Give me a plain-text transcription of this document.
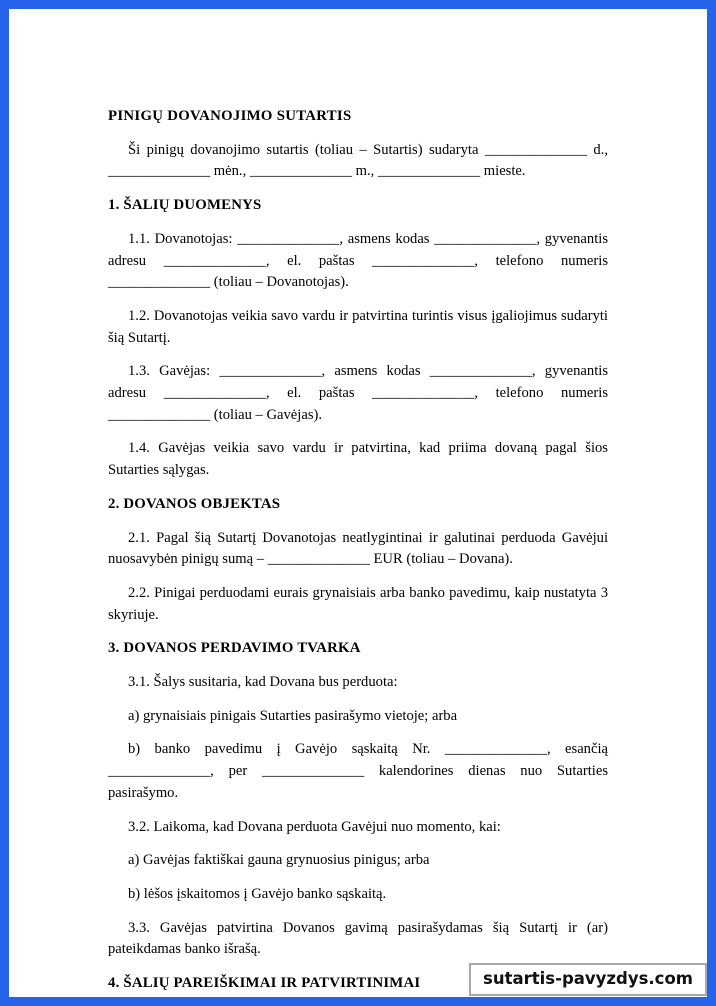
PINIGŲ DOVANOJIMO SUTARTIS

Ši pinigų dovanojimo sutartis (toliau – Sutartis) sudaryta ______________ d., ______________ mėn., ______________ m., ______________ mieste.

1. ŠALIŲ DUOMENYS

1.1. Dovanotojas: ______________, asmens kodas ______________, gyvenantis adresu ______________, el. paštas ______________, telefono numeris ______________ (toliau – Dovanotojas).

1.2. Dovanotojas veikia savo vardu ir patvirtina turintis visus įgaliojimus sudaryti šią Sutartį.

1.3. Gavėjas: ______________, asmens kodas ______________, gyvenantis adresu ______________, el. paštas ______________, telefono numeris ______________ (toliau – Gavėjas).

1.4. Gavėjas veikia savo vardu ir patvirtina, kad priima dovaną pagal šios Sutarties sąlygas.

2. DOVANOS OBJEKTAS

2.1. Pagal šią Sutartį Dovanotojas neatlygintinai ir galutinai perduoda Gavėjui nuosavybėn pinigų sumą – ______________ EUR (toliau – Dovana).

2.2. Pinigai perduodami eurais grynaisiais arba banko pavedimu, kaip nustatyta 3 skyriuje.

3. DOVANOS PERDAVIMO TVARKA

3.1. Šalys susitaria, kad Dovana bus perduota:

a) grynaisiais pinigais Sutarties pasirašymo vietoje; arba

b) banko pavedimu į Gavėjo sąskaitą Nr. ______________, esančią ______________, per ______________ kalendorines dienas nuo Sutarties pasirašymo.

3.2. Laikoma, kad Dovana perduota Gavėjui nuo momento, kai:

a) Gavėjas faktiškai gauna grynuosius pinigus; arba

b) lėšos įskaitomos į Gavėjo banko sąskaitą.

3.3. Gavėjas patvirtina Dovanos gavimą pasirašydamas šią Sutartį ir (ar) pateikdamas banko išrašą.

4. ŠALIŲ PAREIŠKIMAI IR PATVIRTINIMAI	sutartis-pavyzdys.com
